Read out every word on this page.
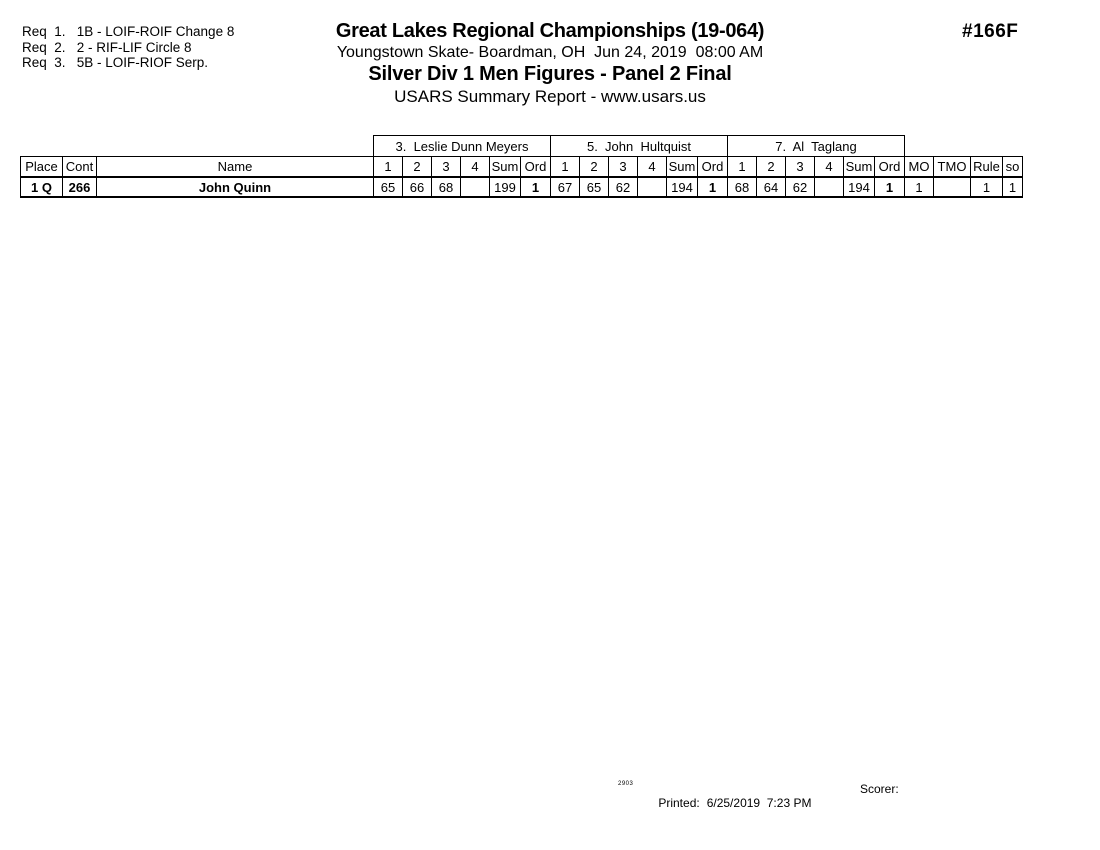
Req  1.   1B - LOIF-ROIF Change 8
Req  2.   2 - RIF-LIF Circle 8
Req  3.   5B - LOIF-RIOF Serp.
Great Lakes Regional Championships (19-064)
Youngstown Skate- Boardman, OH  Jun 24, 2019  08:00 AM
Silver Div 1 Men Figures - Panel 2 Final
USARS Summary Report - www.usars.us
#166F
			3.  Leslie Dunn Meyers						5.  John  Hultquist						7.  Al  Taglang									
Place	Cont	Name	1	2	3	4	Sum	Ord	1	2	3	4	Sum	Ord	1	2	3	4	Sum	Ord	MO	TMO	Rule	so
1 Q	266	John Quinn	65	66	68		199	1	67	65	62		194	1	68	64	62		194	1	1		1	1
2903

Printed: 6/25/2019  7:23 PM

Scorer:
